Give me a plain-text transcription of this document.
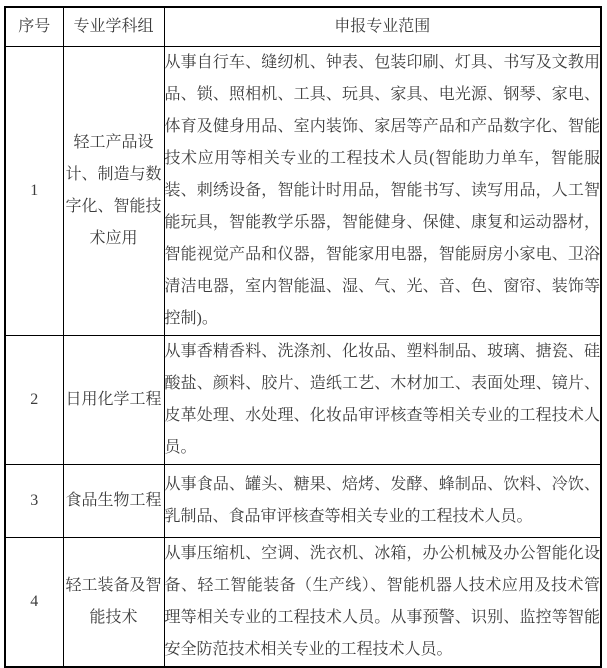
序号	专业学科组	申报专业范围
1	轻工产品设计、制造与数字化、智能技术应用	从事自行车、缝纫机、钟表、包装印刷、灯具、书写及文教用品、锁、照相机、工具、玩具、家具、电光源、钢琴、家电、体育及健身用品、室内装饰、家居等产品和产品数字化、智能技术应用等相关专业的工程技术人员(智能助力单车，智能服装、刺绣设备，智能计时用品，智能书写、读写用品，人工智能玩具，智能教学乐器，智能健身、保健、康复和运动器材，智能视觉产品和仪器，智能家用电器，智能厨房小家电、卫浴清洁电器，室内智能温、湿、气、光、音、色、窗帘、装饰等控制)。
2	日用化学工程	从事香精香料、洗涤剂、化妆品、塑料制品、玻璃、搪瓷、硅酸盐、颜料、胶片、造纸工艺、木材加工、表面处理、镜片、皮革处理、水处理、化妆品审评核查等相关专业的工程技术人员。
3	食品生物工程	从事食品、罐头、糖果、焙烤、发酵、蜂制品、饮料、冷饮、乳制品、食品审评核查等相关专业的工程技术人员。
4	轻工装备及智能技术	从事压缩机、空调、洗衣机、冰箱，办公机械及办公智能化设备、轻工智能装备（生产线）、智能机器人技术应用及技术管理等相关专业的工程技术人员。从事预警、识别、监控等智能安全防范技术相关专业的工程技术人员。
